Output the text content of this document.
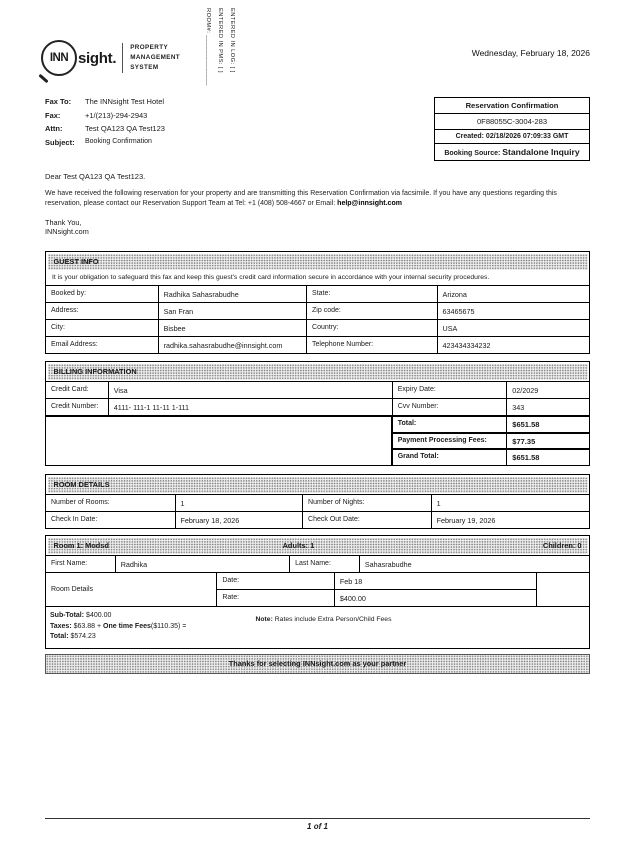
INN sight.
PROPERTY
MANAGEMENT
SYSTEM	ROOM#: ______________ ENTERED IN PMS: [ ] ENTERED IN LOG: [ ]	Wednesday, February 18, 2026
Fax To:	The INNsight Test Hotel
Fax:	+1/(213)-294-2943
Attn:	Test QA123 QA Test123
Subject:	Booking Confirmation
Reservation Confirmation
0F88055C-3004-283
Created: 02/18/2026 07:09:33 GMT
Booking Source: Standalone Inquiry
Dear Test QA123 QA Test123.
We have received the following reservation for your property and are transmitting this Reservation Confirmation via facsimile. If you have any questions regarding this reservation, please contact our Reservation Support Team at Tel: +1 (408) 508-4667 or Email: help@innsight.com
Thank You,
INNsight.com
GUEST INFO
It is your obligation to safeguard this fax and keep this guest's credit card information secure in accordance with your internal security procedures.
Booked by:	Radhika Sahasrabudhe	State:	Arizona
Address:	San Fran	Zip code:	63465675
City:	Bisbee	Country:	USA
Email Address:	radhika.sahasrabudhe@innsight.com	Telephone Number:	423434334232
BILLING INFORMATION
Credit Card:	Visa	Expiry Date:	02/2029
Credit Number:	4111- 111-1 11-11 1-111	Cvv Number:	343
Total:	$651.58
Payment Processing Fees:	$77.35
Grand Total:	$651.58
ROOM DETAILS
Number of Rooms:	1	Number of Nights:	1
Check In Date:	February 18, 2026	Check Out Date:	February 19, 2026
Room 1: Modsd	Adults: 1	Children: 0
First Name:	Radhika	Last Name:	Sahasrabudhe
Room Details
Date:	Feb 18
Rate:	$400.00
Sub-Total: $400.00
Taxes: $63.88 + One time Fees($110.35) =
Total: $574.23
Note: Rates include Extra Person/Child Fees
Thanks for selecting INNsight.com as your partner
1 of 1
